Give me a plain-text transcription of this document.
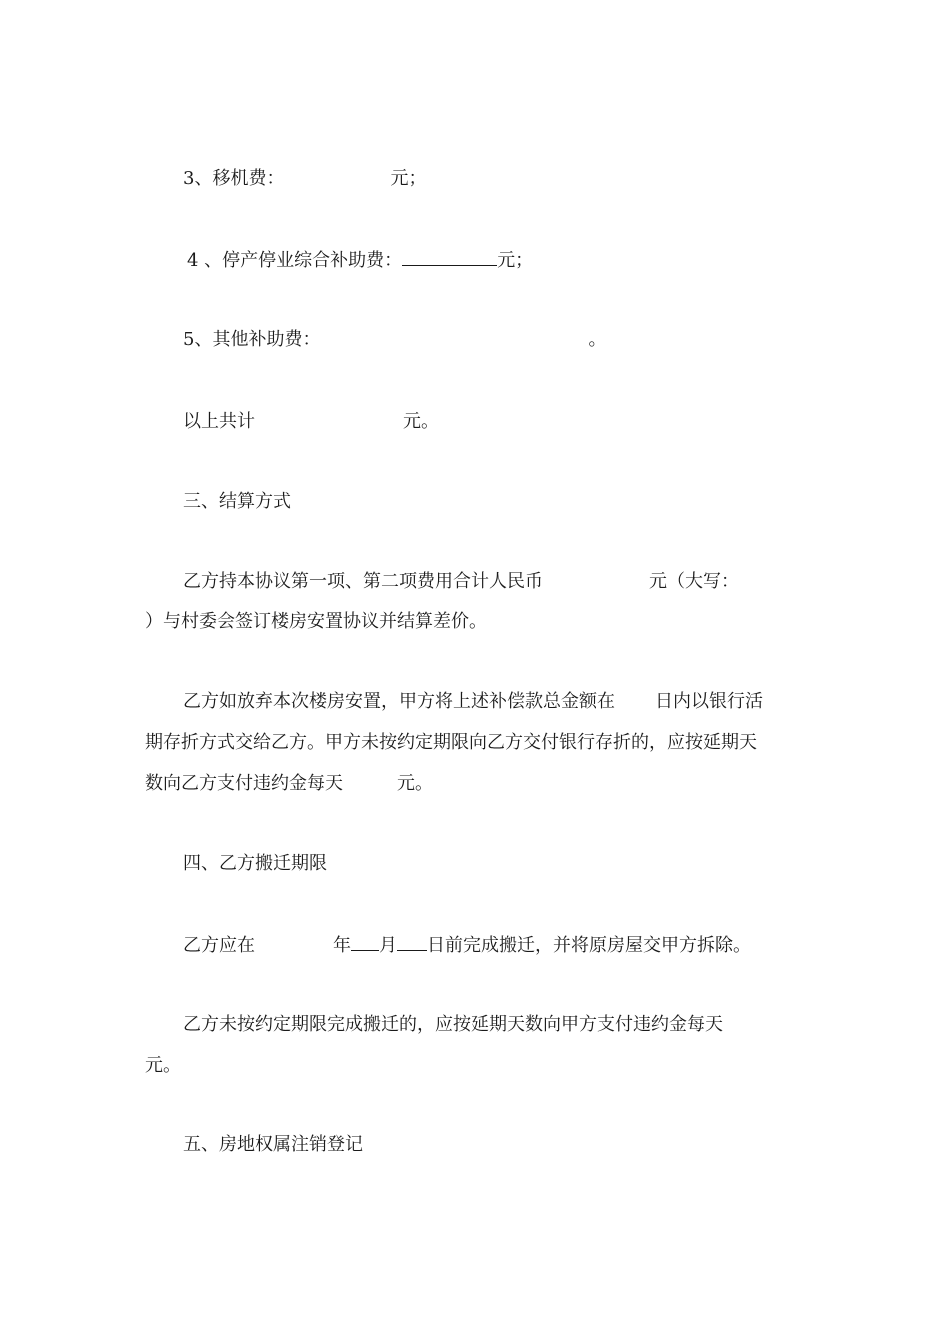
3、移机费：	元；
4 、停产停业综合补助费：	元；
5、其他补助费：	。
以上共计	元。
三、结算方式
乙方持本协议第一项、第二项费用合计人民币	元（大写：
）与村委会签订楼房安置协议并结算差价。
乙方如放弃本次楼房安置，甲方将上述补偿款总金额在 日内以银行活
期存折方式交给乙方。甲方未按约定期限向乙方交付银行存折的，应按延期天
数向乙方支付违约金每天	元。
四、乙方搬迁期限
乙方应在	年 月 日前完成搬迁，并将原房屋交甲方拆除。
乙方未按约定期限完成搬迁的，应按延期天数向甲方支付违约金每天
元。
五、房地权属注销登记
